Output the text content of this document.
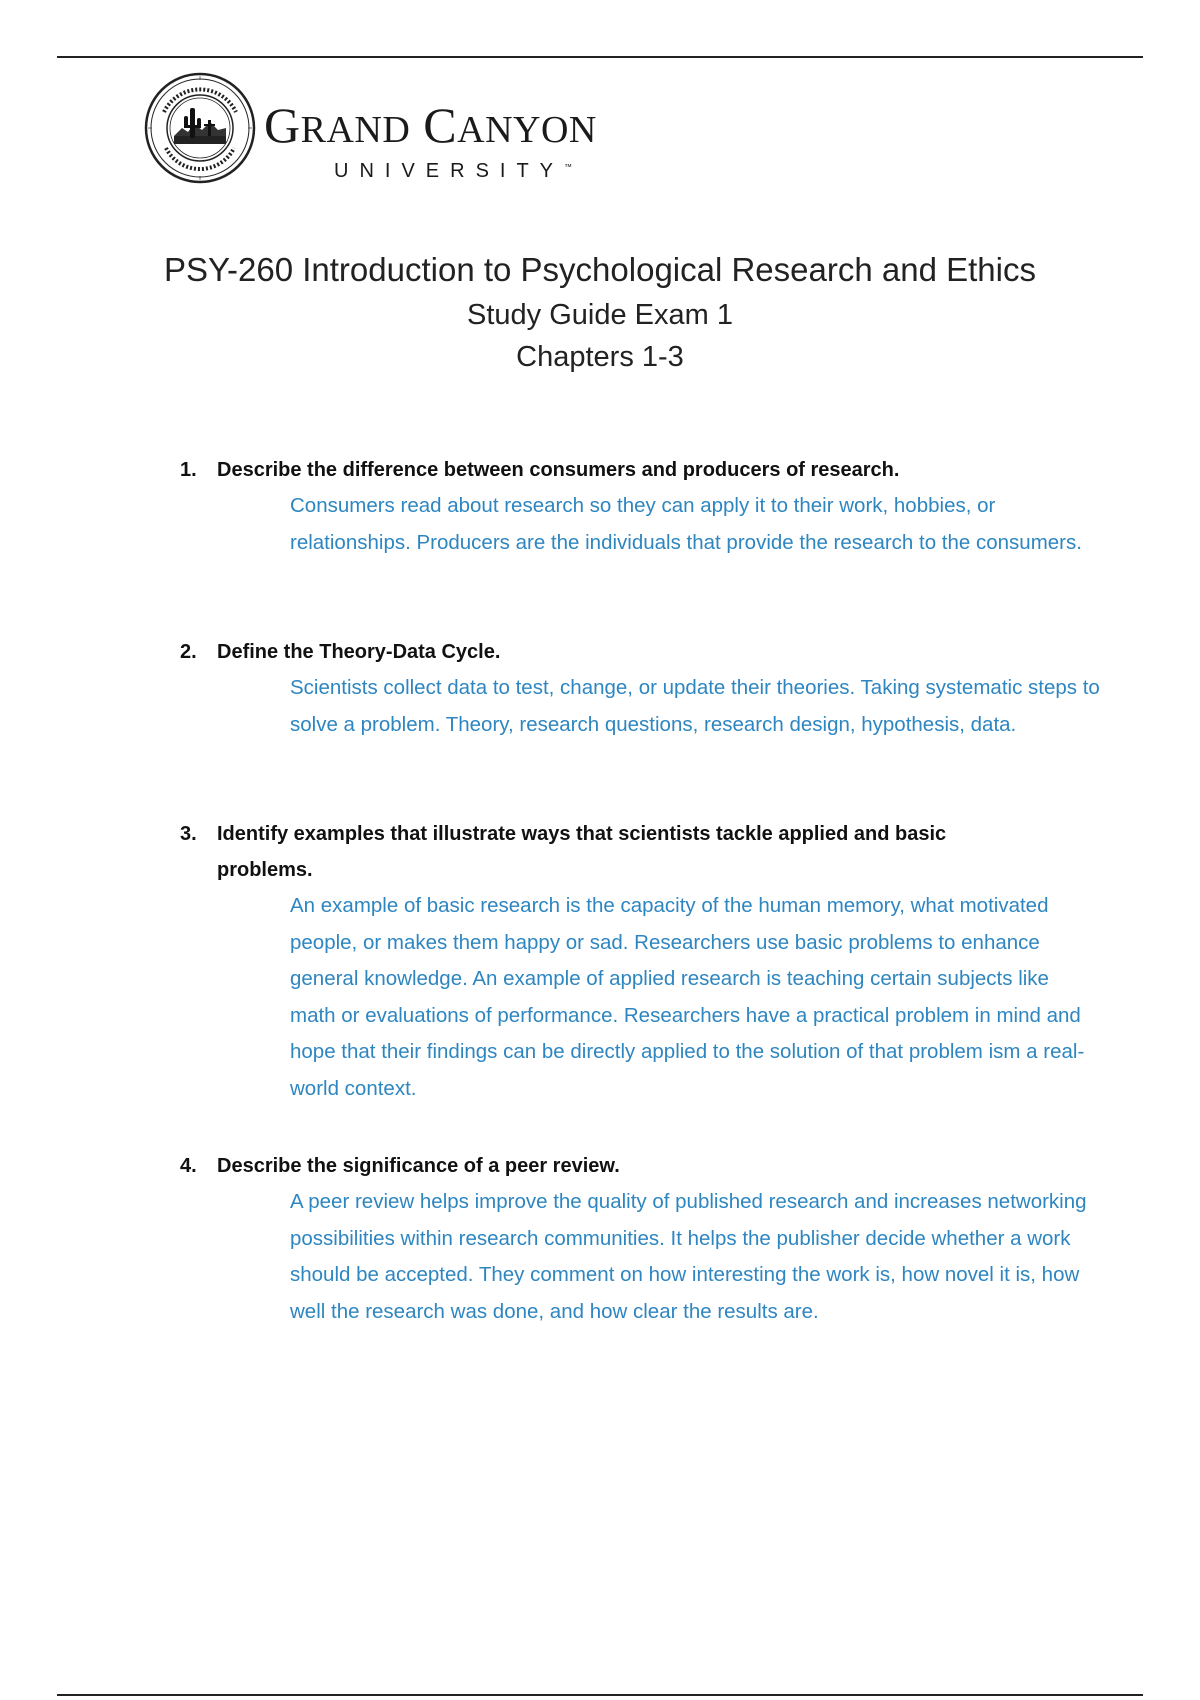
GRAND CANYON
UNIVERSITY™
PSY-260 Introduction to Psychological Research and Ethics
Study Guide Exam 1
Chapters 1-3
1. Describe the difference between consumers and producers of research.
Consumers read about research so they can apply it to their work, hobbies, or relationships. Producers are the individuals that provide the research to the consumers.
2. Define the Theory-Data Cycle.
Scientists collect data to test, change, or update their theories. Taking systematic steps to solve a problem. Theory, research questions, research design, hypothesis, data.
3. Identify examples that illustrate ways that scientists tackle applied and basic problems.
An example of basic research is the capacity of the human memory, what motivated people, or makes them happy or sad. Researchers use basic problems to enhance general knowledge. An example of applied research is teaching certain subjects like math or evaluations of performance. Researchers have a practical problem in mind and hope that their findings can be directly applied to the solution of that problem ism a real-world context.
4. Describe the significance of a peer review.
A peer review helps improve the quality of published research and increases networking possibilities within research communities. It helps the publisher decide whether a work should be accepted. They comment on how interesting the work is, how novel it is, how well the research was done, and how clear the results are.
